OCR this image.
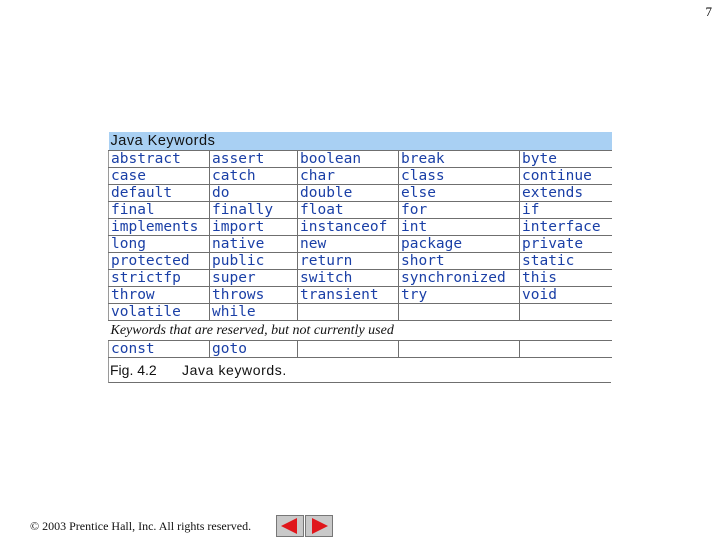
7
Java Keywords				
abstract	assert	boolean	break	byte
case	catch	char	class	continue
default	do	double	else	extends
final	finally	float	for	if
implements	import	instanceof	int	interface
long	native	new	package	private
protected	public	return	short	static
strictfp	super	switch	synchronized	this
throw	throws	transient	try	void
volatile	while			
Keywords that are reserved, but not currently used				
const	goto			
Fig. 4.2 Java keywords.
© 2003 Prentice Hall, Inc. All rights reserved.
